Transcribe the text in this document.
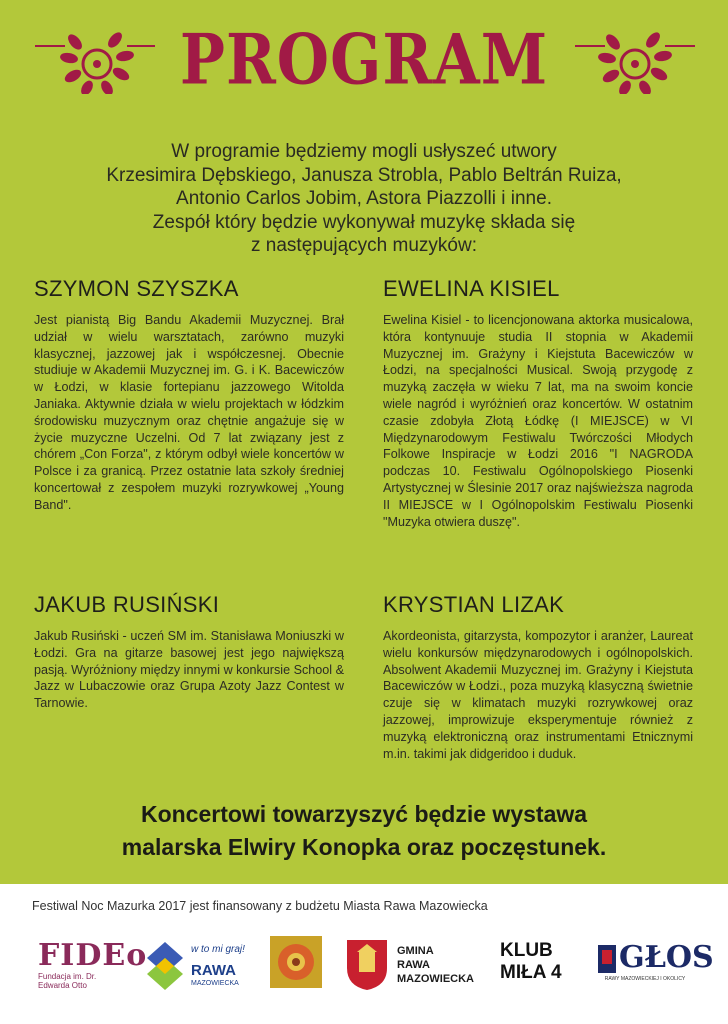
PROGRAM
W programie będziemy mogli usłyszeć utwory
Krzesimira Dębskiego, Janusza Strobla, Pablo Beltrán Ruiza,
Antonio Carlos Jobim, Astora Piazzolli i inne.
Zespół który będzie wykonywał muzykę składa się
z następujących muzyków:
SZYMON SZYSZKA

Jest pianistą Big Bandu Akademii Muzycznej. Brał udział w wielu warsztatach, zarówno muzyki klasycznej, jazzowej jak i współczesnej. Obecnie studiuje w Akademii Muzycznej im. G. i K. Bacewiczów w Łodzi, w klasie fortepianu jazzowego Witolda Janiaka. Aktywnie działa w wielu projektach w łódzkim środowisku muzycznym oraz chętnie angażuje się w życie muzyczne Uczelni. Od 7 lat związany jest z chórem „Con Forza", z którym odbył wiele koncertów w Polsce i za granicą. Przez ostatnie lata szkoły średniej koncertował z zespołem muzyki rozrywkowej „Young Band".

EWELINA KISIEL

Ewelina Kisiel - to licencjonowana aktorka musicalowa, która kontynuuje studia II stopnia w Akademii Muzycznej im. Grażyny i Kiejstuta Bacewiczów w Łodzi, na specjalności Musical. Swoją przygodę z muzyką zaczęła w wieku 7 lat, ma na swoim koncie wiele nagród i wyróżnień oraz koncertów. W ostatnim czasie zdobyła Złotą Łódkę (I MIEJSCE) w VI Międzynarodowym Festiwalu Twórczości Młodych Folkowe Inspiracje w Łodzi 2016 "I NAGRODA podczas 10. Festiwalu Ogólnopolskiego Piosenki Artystycznej w Ślesinie 2017 oraz najświeższa nagroda II MIEJSCE w I Ogólnopolskim Festiwalu Piosenki "Muzyka otwiera duszę".

JAKUB RUSIŃSKI

Jakub Rusiński - uczeń SM im. Stanisława Moniuszki w Łodzi. Gra na gitarze basowej jest jego największą pasją. Wyróżniony między innymi w konkursie School & Jazz w Lubaczowie oraz Grupa Azoty Jazz Contest w Tarnowie.

KRYSTIAN LIZAK

Akordeonista, gitarzysta, kompozytor i aranżer, Laureat wielu konkursów międzynarodowych i ogólnopolskich. Absolwent Akademii Muzycznej im. Grażyny i Kiejstuta Bacewiczów w Łodzi., poza muzyką klasyczną świetnie czuje się w klimatach muzyki rozrywkowej oraz jazzowej, improwizuje eksperymentuje również z muzyką elektroniczną oraz instrumentami Etnicznymi m.in. takimi jak didgeridoo i duduk.

Koncertowi towarzyszyć będzie wystawa
malarska Elwiry Konopka oraz poczęstunek.
Festiwal Noc Mazurka 2017 jest finansowany z budżetu Miasta Rawa Mazowiecka
FIDEo
Fundacja im. Dr. Edwarda Otto
w to mi graj!
RAWA
MAZOWIECKA
GMINA
RAWA
MAZOWIECKA
KLUB
MIŁA 4 GŁOS
RAWY MAZOWIECKIEJ I OKOLICY
